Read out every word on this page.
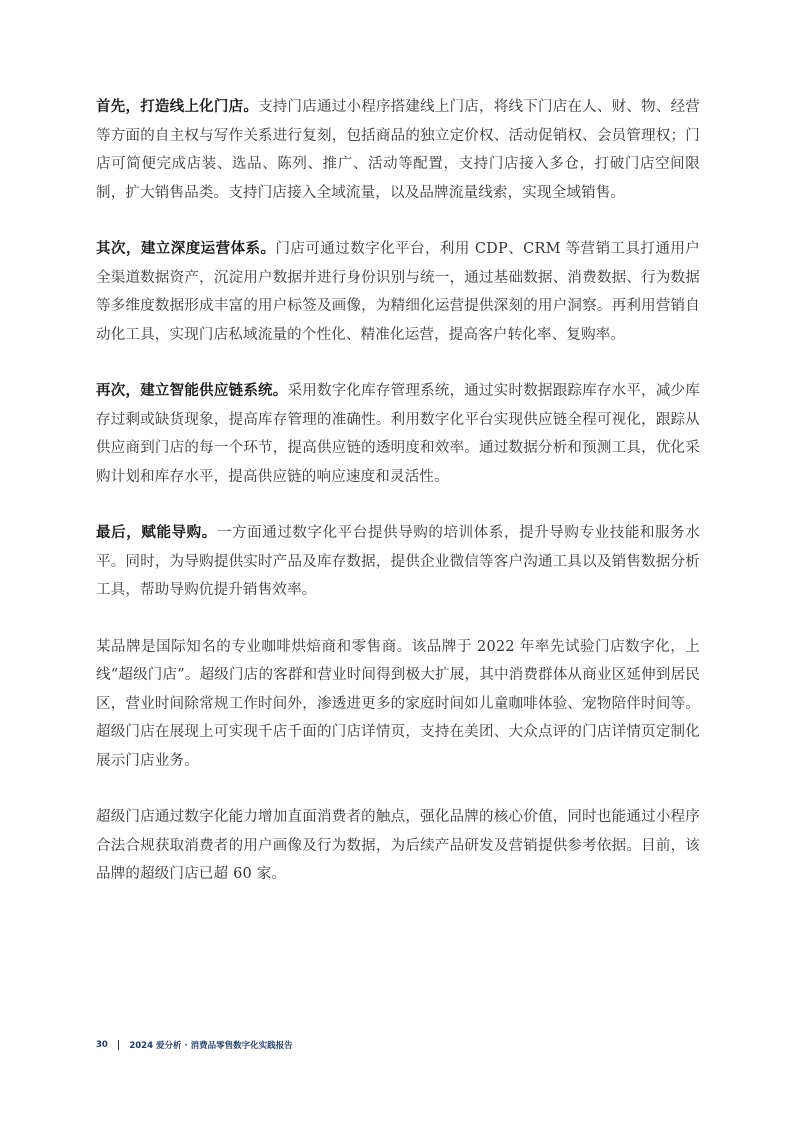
首先，打造线上化门店。支持门店通过小程序搭建线上门店，将线下门店在人、财、物、经营等方面的自主权与写作关系进行复刻，包括商品的独立定价权、活动促销权、会员管理权；门店可简便完成店装、选品、陈列、推广、活动等配置，支持门店接入多仓，打破门店空间限制，扩大销售品类。支持门店接入全域流量，以及品牌流量线索，实现全域销售。

其次，建立深度运营体系。门店可通过数字化平台，利用 CDP、CRM 等营销工具打通用户全渠道数据资产，沉淀用户数据并进行身份识别与统一，通过基础数据、消费数据、行为数据等多维度数据形成丰富的用户标签及画像，为精细化运营提供深刻的用户洞察。再利用营销自动化工具，实现门店私域流量的个性化、精准化运营，提高客户转化率、复购率。

再次，建立智能供应链系统。采用数字化库存管理系统，通过实时数据跟踪库存水平，减少库存过剩或缺货现象，提高库存管理的准确性。利用数字化平台实现供应链全程可视化，跟踪从供应商到门店的每一个环节，提高供应链的透明度和效率。通过数据分析和预测工具，优化采购计划和库存水平，提高供应链的响应速度和灵活性。

最后，赋能导购。一方面通过数字化平台提供导购的培训体系，提升导购专业技能和服务水平。同时，为导购提供实时产品及库存数据，提供企业微信等客户沟通工具以及销售数据分析工具，帮助导购伉提升销售效率。

某品牌是国际知名的专业咖啡烘焙商和零售商。该品牌于 2022 年率先试验门店数字化，上线“超级门店”。超级门店的客群和营业时间得到极大扩展，其中消费群体从商业区延伸到居民区，营业时间除常规工作时间外，渗透进更多的家庭时间如儿童咖啡体验、宠物陪伴时间等。超级门店在展现上可实现千店千面的门店详情页，支持在美团、大众点评的门店详情页定制化展示门店业务。

超级门店通过数字化能力增加直面消费者的触点，强化品牌的核心价值，同时也能通过小程序合法合规获取消费者的用户画像及行为数据，为后续产品研发及营销提供参考依据。目前，该品牌的超级门店已超 60 家。

30	2024 爱分析 · 消费品零售数字化实践报告
